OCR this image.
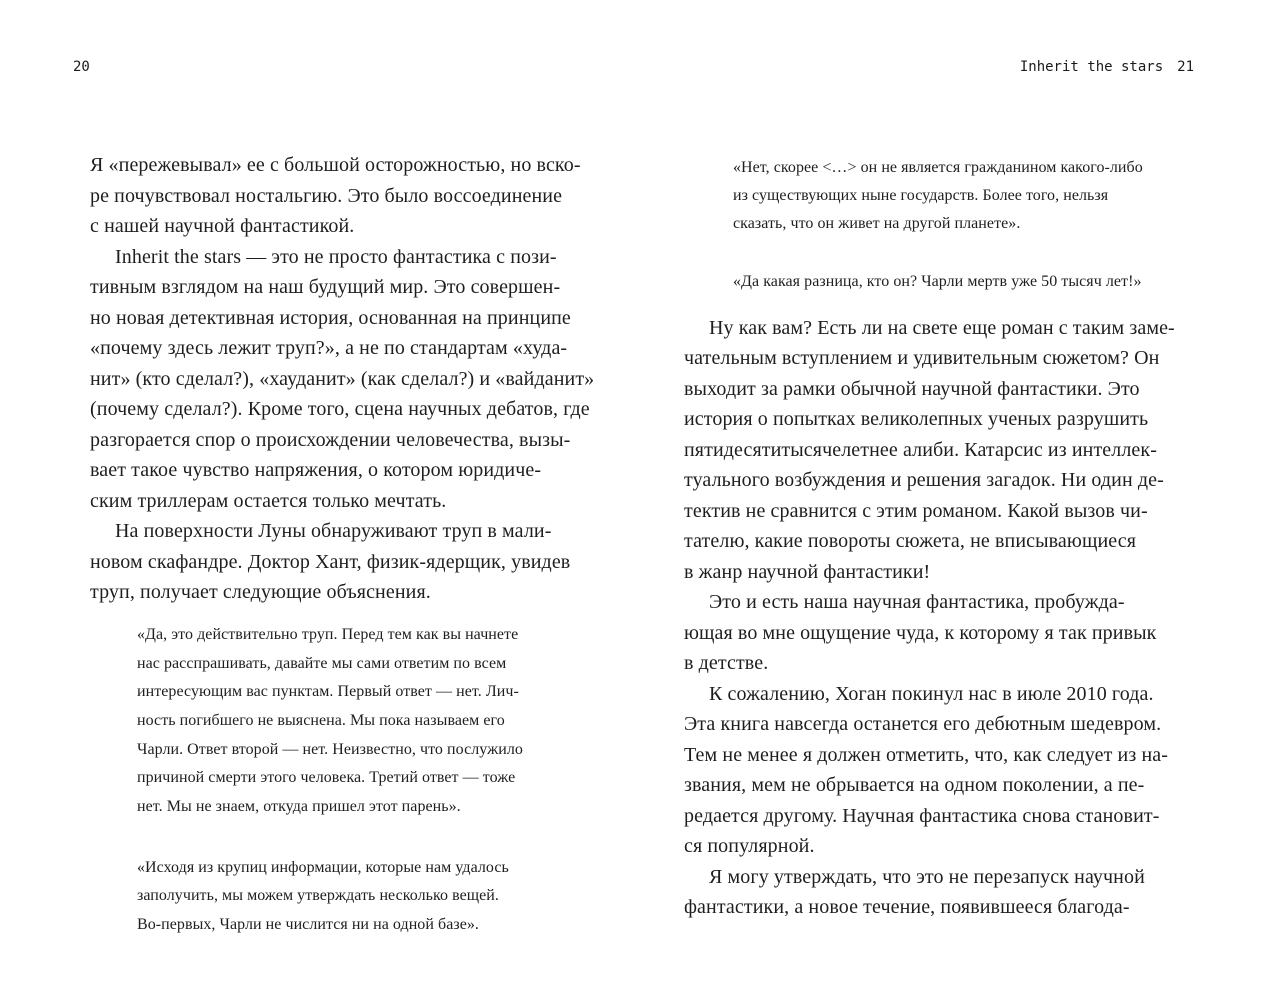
20
Я «пережевывал» ее с большой осторожностью, но вско-
ре почувствовал ностальгию. Это было воссоединение
с нашей научной фантастикой.
Inherit the stars — это не просто фантастика с пози-
тивным взглядом на наш будущий мир. Это совершен-
но новая детективная история, основанная на принципе
«почему здесь лежит труп?», а не по стандартам «худа-
нит» (кто сделал?), «хауданит» (как сделал?) и «вайданит»
(почему сделал?). Кроме того, сцена научных дебатов, где
разгорается спор о происхождении человечества, вызы-
вает такое чувство напряжения, о котором юридиче-
ским триллерам остается только мечтать.
На поверхности Луны обнаруживают труп в мали-
новом скафандре. Доктор Хант, физик-ядерщик, увидев
труп, получает следующие объяснения.
«Да, это действительно труп. Перед тем как вы начнете
нас расспрашивать, давайте мы сами ответим по всем
интересующим вас пунктам. Первый ответ — нет. Лич-
ность погибшего не выяснена. Мы пока называем его
Чарли. Ответ второй — нет. Неизвестно, что послужило
причиной смерти этого человека. Третий ответ — тоже
нет. Мы не знаем, откуда пришел этот парень».
«Исходя из крупиц информации, которые нам удалось
заполучить, мы можем утверждать несколько вещей.
Во-первых, Чарли не числится ни на одной базе».
Inherit the stars 21
«Нет, скорее <…> он не является гражданином какого-либо
из существующих ныне государств. Более того, нельзя
сказать, что он живет на другой планете».
«Да какая разница, кто он? Чарли мертв уже 50 тысяч лет!»
Ну как вам? Есть ли на свете еще роман с таким заме-
чательным вступлением и удивительным сюжетом? Он
выходит за рамки обычной научной фантастики. Это
история о попытках великолепных ученых разрушить
пятидесятитысячелетнее алиби. Катарсис из интеллек-
туального возбуждения и решения загадок. Ни один де-
тектив не сравнится с этим романом. Какой вызов чи-
тателю, какие повороты сюжета, не вписывающиеся
в жанр научной фантастики!
Это и есть наша научная фантастика, пробужда-
ющая во мне ощущение чуда, к которому я так привык
в детстве.
К сожалению, Хоган покинул нас в июле 2010 года.
Эта книга навсегда останется его дебютным шедевром.
Тем не менее я должен отметить, что, как следует из на-
звания, мем не обрывается на одном поколении, а пе-
редается другому. Научная фантастика снова становит-
ся популярной.
Я могу утверждать, что это не перезапуск научной
фантастики, а новое течение, появившееся благода-
